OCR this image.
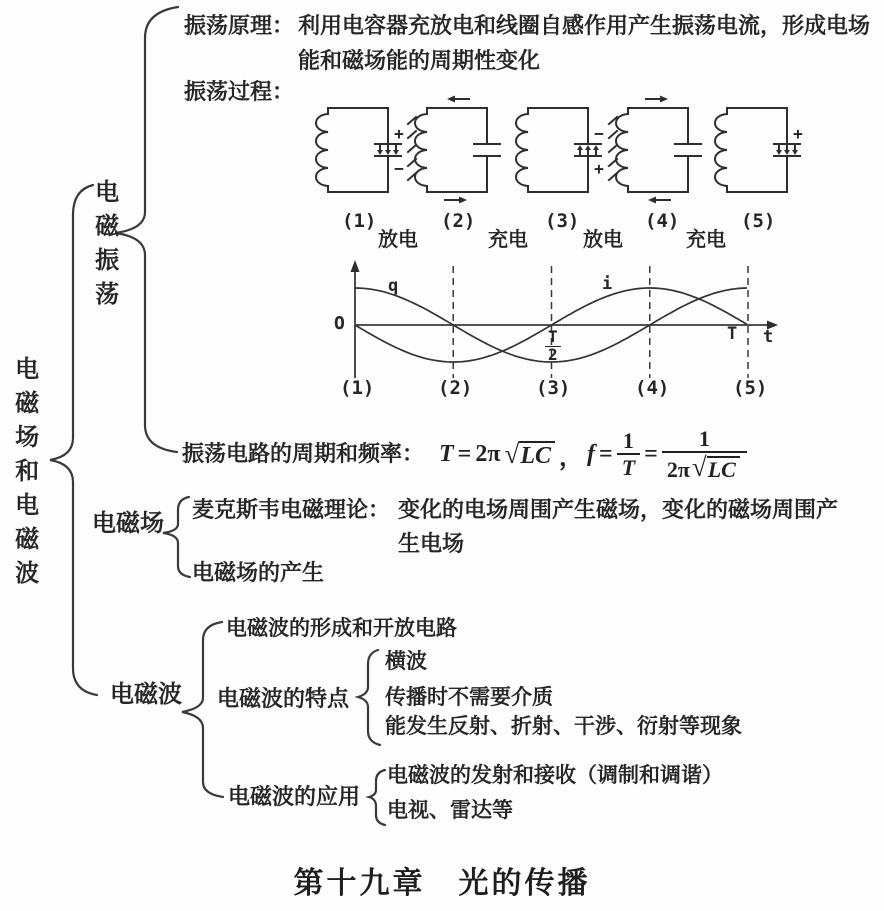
电磁场和电磁波
电磁振荡
振荡原理： 利用电容器充放电和线圈自感作用产生振荡电流，形成电场
能和磁场能的周期性变化
振荡过程：
+
−
−
+
+
(1)	(2)	(3)	(4)	(5)
放电	充电	放电	充电
O
q	i
$\frac{T}{2}$	T t
(1)	(2)	(3)	(4)	(5)
振荡电路的周期和频率： T = 2π √ LC ， $f = \frac{1}{T} = \frac{1}{2\pi √ LC}$
电磁场
麦克斯韦电磁理论： 变化的电场周围产生磁场，变化的磁场周围产
生电场
电磁场的产生
电磁波
电磁波的形成和开放电路
电磁波的特点
横波
传播时不需要介质
能发生反射、折射、干涉、衍射等现象
电磁波的应用
电磁波的发射和接收（调制和调谐）
电视、雷达等
第十九章　光的传播
